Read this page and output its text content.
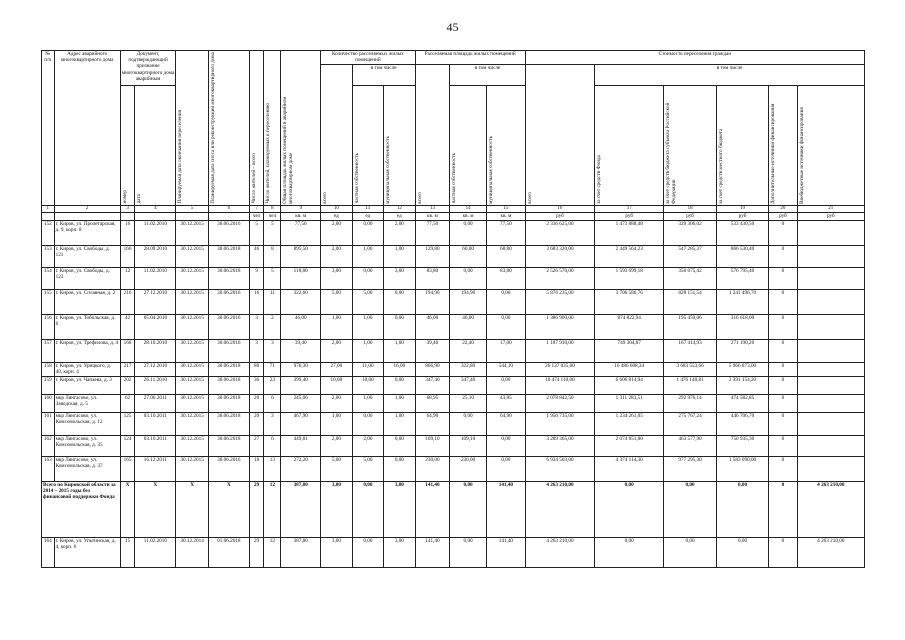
45
№ п/п	Адрес аварийного многоквартирного дома	Документ, подтверждающий признание многоквартирного дома аварийным		Планируемая дата окончания переселения	Планируемая дата сноса или реконструкции многоквартирного дома	Число жителей – всего	Число жителей, планируемых к переселению	Общая площадь жилых помещений в аварийном многоквартирном доме	Количество расселяемых жилых помещений			Расселяемая площадь жилых помещений			Стоимость переселения граждан					

									всего	в том числе		всего	в том числе		всего	в том числе				

		номер	дата							частная собственность	муниципальная собственность		частная собственность	муниципальная собственность		за счет средств Фонда	за счет средств бюджета субъекта Российской Федерации	за счет средств местного бюджета	Дополнительные источники финансирования	Внебюджетные источники финансирования

1	2	3	4	5	6	7	8	9	10	11	12	13	14	15	16	17	18	19	20	21
						чел	чел	кв. м	ед	ед	ед	кв. м	кв. м	кв. м	руб	руб	руб	руб	руб	руб
152	г. Киров, ул. Пролетарская, д. 9, корп. 8	16	11.02.2010	30.12.2015	30.06.2016	5	5	77,50	2,00	0,00	2,00	77,50	0,00	77,50	2 336 625,00	1 473 888,48	329 306,02	533 430,50	0	
153	г. Киров, ул. Свободы, д. 121	166	28.09.2010	30.12.2015	30.06.2018	46	8	895,50	2,00	1,00	1,00	129,80	60,00	68,80	3 683 320,00	2 449 564,23	547 285,37	866 530,40	0	
154	г. Киров, ул. Свободы, д. 123	12	11.02.2010	30.12.2015	30.06.2018	9	5	118,80	3,00	0,00	3,00	83,80	0,00	83,80	2 526 570,00	1 593 699,18	356 075,42	576 795,40	0	
155	г. Киров, ул. Сплавная, д. 2	216	27.12.2010	30.12.2015	30.06.2016	16	11	322,60	5,00	5,00	0,00	194,90	194,90	0,00	5 876 235,00	3 706 586,76	828 151,54	1 341 496,70	0	
156	г. Киров, ул. Тобольская, д. 6	42	05.04.2010	30.12.2015	30.06.2016	3	2	46,00	1,00	1,00	0,00	46,00	46,00	0,00	1 386 900,00	874 822,94	195 459,06	316 618,00	0	
157	г. Киров, ул. Трефилова, д. 4	168	28.10.2010	30.12.2015	30.06.2016	3	3	39,40	2,00	1,00	1,00	39,40	22,40	17,00	1 187 910,00	749 304,87	167 414,93	271 190,20	0	
158	г. Киров, ул. Урицкого, д. 40, корп. 4	217	27.12.2010	30.12.2015	30.06.2018	80	71	970,30	27,00	11,00	16,00	866,90	322,80	544,10	26 137 035,00	16 486 608,34	3 683 553,66	5 966 873,00	0	
159	г. Киров, ул. Чапаева, д. 3	202	26.11.2010	30.12.2015	30.06.2018	36	23	399,40	10,00	10,00	0,00	347,40	347,40	0,00	10 474 110,00	6 606 814,94	1 476 140,81	2 391 154,20	0	
160	мкр Лянгасово, ул. Заводская, д. 5	62	27.06.2011	30.12.2015	30.06.2018	20	6	245,06	2,00	1,00	1,00	68,95	25,10	43,85	2 078 842,50	1 311 283,51	292 976,14	474 582,85	0	
161	мкр Лянгасово, ул. Комсомольская, д. 12	125	03.10.2011	30.12.2015	30.06.2018	20	3	467,90	1,00	0,00	1,00	64,90	0,00	64,90	1 956 735,00	1 234 261,05	275 767,24	446 706,70	0	
162	мкр Лянгасово, ул. Комсомольская, д. 35	124	03.10.2011	30.12.2015	30.06.2018	27	6	449,81	2,00	2,00	0,00	109,10	109,10	0,00	3 289 365,00	2 074 851,80	463 577,90	750 935,30	0	
163	мкр Лянгасово, ул. Комсомольская, д. 37	165	16.12.2011	30.12.2015	30.06.2016	18	13	272,20	5,00	5,00	0,00	230,00	230,00	0,00	6 934 503,00	4 374 114,30	977 295,30	1 583 090,00	0	
Всего по Кировской области за 2014 – 2015 годы без финансовой поддержки Фонда		X	X	X	X	29	12	387,80	3,00	0,00	3,00	141,40	0,00	141,40	4 263 210,00	0,00	0,00	0,00	0	4 263 210,00
164	г. Киров, ул. Упьтинская, д. 4, корп. 6	15	11.02.2010	30.12.2014	01.06.2018	29	12	387,80	3,00	0,00	3,00	141,40	0,00	141,40	4 263 210,00	0,00	0,00	0,00	0	4 263 210,00
